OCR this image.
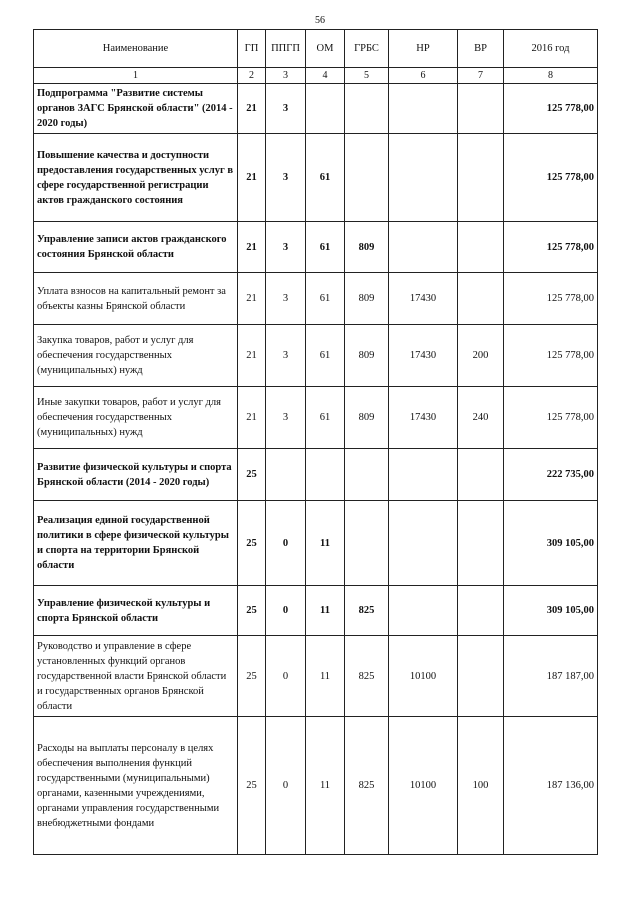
56
Наименование	ГП	ППГП	ОМ	ГРБС	НР	ВР	2016 год
1	2	3	4	5	6	7	8
Подпрограмма "Развитие системы органов ЗАГС Брянской области" (2014 - 2020 годы)	21	3					125 778,00
Повышение качества и доступности предоставления государственных услуг в сфере государственной регистрации актов гражданского состояния	21	3	61				125 778,00
Управление записи актов гражданского состояния Брянской области	21	3	61	809			125 778,00
Уплата взносов на капитальный ремонт за объекты казны Брянской области	21	3	61	809	17430		125 778,00
Закупка товаров, работ и услуг для обеспечения государственных (муниципальных) нужд	21	3	61	809	17430	200	125 778,00
Иные закупки товаров, работ и услуг для обеспечения государственных (муниципальных) нужд	21	3	61	809	17430	240	125 778,00
Развитие физической культуры и спорта Брянской области (2014 - 2020 годы)	25						222 735,00
Реализация единой государственной политики в сфере физической культуры и спорта на территории Брянской области	25	0	11				309 105,00
Управление физической культуры и спорта Брянской области	25	0	11	825			309 105,00
Руководство и управление в сфере установленных функций органов государственной власти Брянской области и государственных органов Брянской области	25	0	11	825	10100		187 187,00
Расходы на выплаты персоналу в целях обеспечения выполнения функций государственными (муниципальными) органами, казенными учреждениями, органами управления государственными внебюджетными фондами	25	0	11	825	10100	100	187 136,00
